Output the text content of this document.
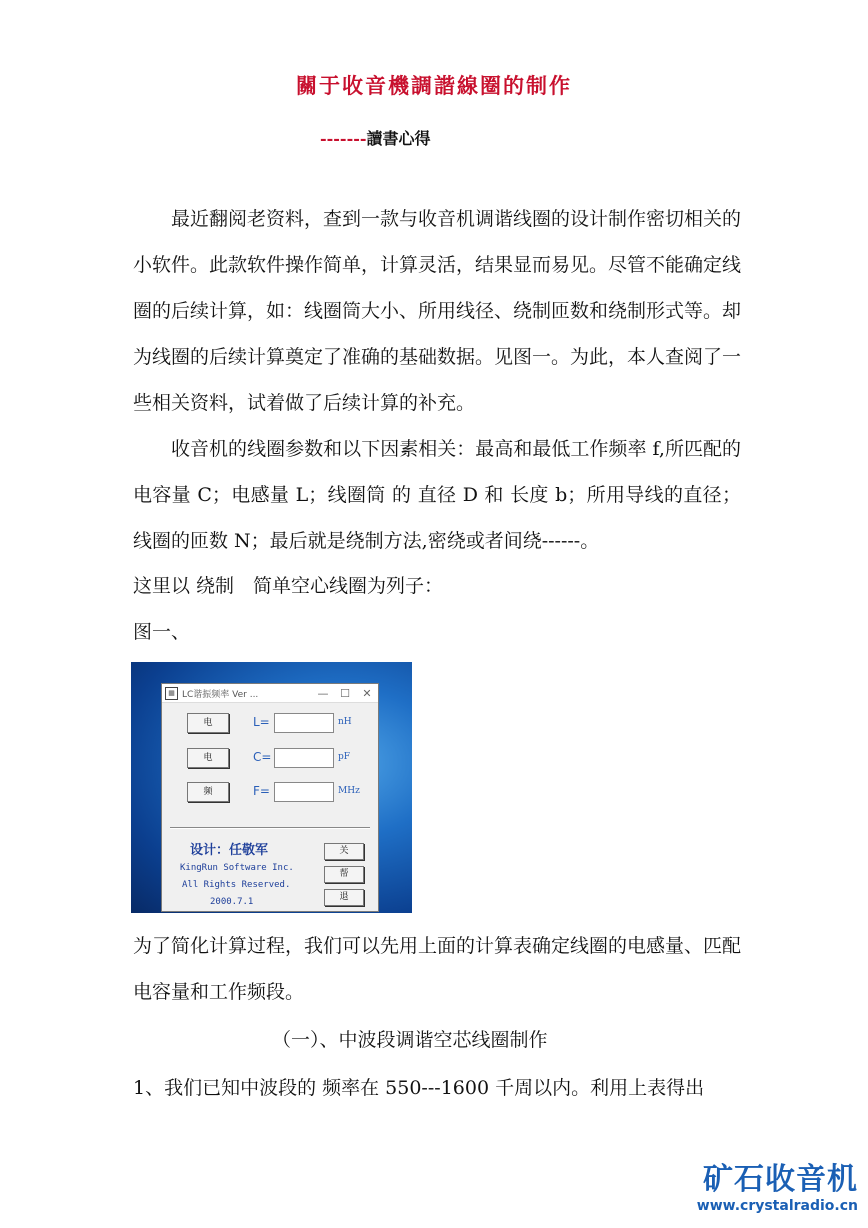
關于收音機調諧線圈的制作
-------讀書心得
最近翻阅老资料，查到一款与收音机调谐线圈的设计制作密切相关的小软件。此款软件操作简单，计算灵活，结果显而易见。尽管不能确定线圈的后续计算，如：线圈筒大小、所用线径、绕制匝数和绕制形式等。却为线圈的后续计算奠定了准确的基础数据。见图一。为此，本人查阅了一些相关资料，试着做了后续计算的补充。
收音机的线圈参数和以下因素相关：最高和最低工作频率 f,所匹配的 电容量 C；电感量 L；线圈筒 的 直径 D 和 长度 b；所用导线的直径；线圈的匝数 N；最后就是绕制方法,密绕或者间绕------。
这里以 绕制　简单空心线圈为列子：
图一、
▦ LC谐振频率 Ver ...	—	☐	✕
电	L=	nH
电	C=	pF
频	F=	MHz
设计：任敬军
KingRun Software Inc.
All Rights Reserved.
2000.7.1
关
帮
退
为了简化计算过程，我们可以先用上面的计算表确定线圈的电感量、匹配电容量和工作频段。
（一）、中波段调谐空芯线圈制作
1、我们已知中波段的 频率在 550---1600 千周以内。利用上表得出
矿石收音机
www.crystalradio.cn
